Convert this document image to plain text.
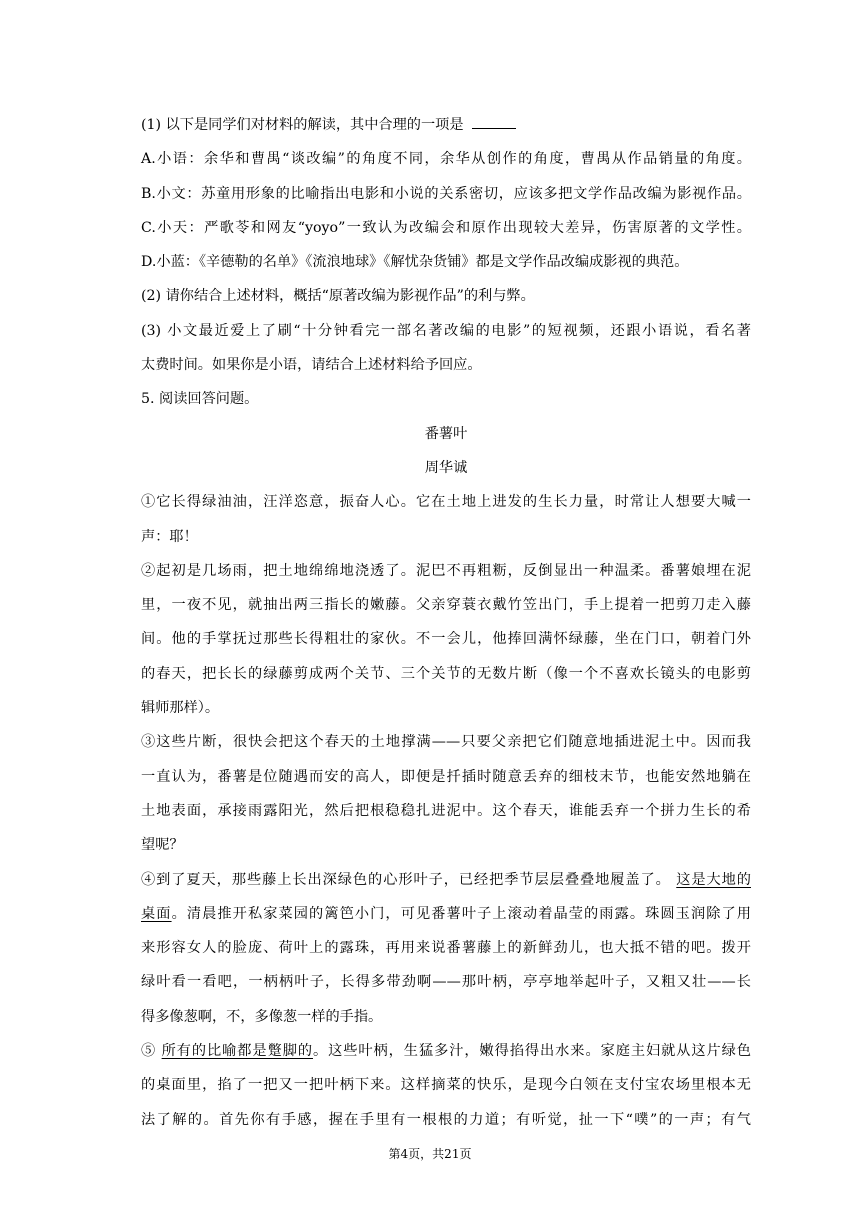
(1) 以下是同学们对材料的解读，其中合理的一项是
A.小语：余华和曹禺“谈改编”的角度不同，余华从创作的角度，曹禺从作品销量的角度。
B.小文：苏童用形象的比喻指出电影和小说的关系密切，应该多把文学作品改编为影视作品。
C.小天：严歌苓和网友“yoyo”一致认为改编会和原作出现较大差异，伤害原著的文学性。
D.小蓝：《辛德勒的名单》《流浪地球》《解忧杂货铺》都是文学作品改编成影视的典范。
(2) 请你结合上述材料，概括“原著改编为影视作品”的利与弊。
(3) 小文最近爱上了刷“十分钟看完一部名著改编的电影”的短视频，还跟小语说，看名著
太费时间。如果你是小语，请结合上述材料给予回应。
5. 阅读回答问题。
番薯叶
周华诚
①它长得绿油油，汪洋恣意，振奋人心。它在土地上进发的生长力量，时常让人想要大喊一
声：耶！
②起初是几场雨，把土地绵绵地浇透了。泥巴不再粗粝，反倒显出一种温柔。番薯娘埋在泥
里，一夜不见，就抽出两三指长的嫩藤。父亲穿蓑衣戴竹笠出门，手上提着一把剪刀走入藤
间。他的手掌抚过那些长得粗壮的家伙。不一会儿，他捧回满怀绿藤，坐在门口，朝着门外
的春天，把长长的绿藤剪成两个关节、三个关节的无数片断（像一个不喜欢长镜头的电影剪
辑师那样）。
③这些片断，很快会把这个春天的土地撑满——只要父亲把它们随意地插进泥土中。因而我
一直认为，番薯是位随遇而安的高人，即便是扦插时随意丢弃的细枝末节，也能安然地躺在
土地表面，承接雨露阳光，然后把根稳稳扎进泥中。这个春天，谁能丢弃一个拼力生长的希
望呢？
④到了夏天，那些藤上长出深绿色的心形叶子，已经把季节层层叠叠地履盖了。 这是大地的
桌面。清晨推开私家菜园的篱笆小门，可见番薯叶子上滚动着晶莹的雨露。珠圆玉润除了用
来形容女人的脸庞、荷叶上的露珠，再用来说番薯藤上的新鲜劲儿，也大抵不错的吧。拨开
绿叶看一看吧，一柄柄叶子，长得多带劲啊——那叶柄，亭亭地举起叶子，又粗又壮——长
得多像葱啊，不，多像葱一样的手指。
⑤ 所有的比喻都是蹩脚的。这些叶柄，生猛多汁，嫩得掐得出水来。家庭主妇就从这片绿色
的桌面里，掐了一把又一把叶柄下来。这样摘菜的快乐，是现今白领在支付宝农场里根本无
法了解的。首先你有手感，握在手里有一根根的力道；有听觉，扯一下“噗”的一声；有气
第4页，共21页
